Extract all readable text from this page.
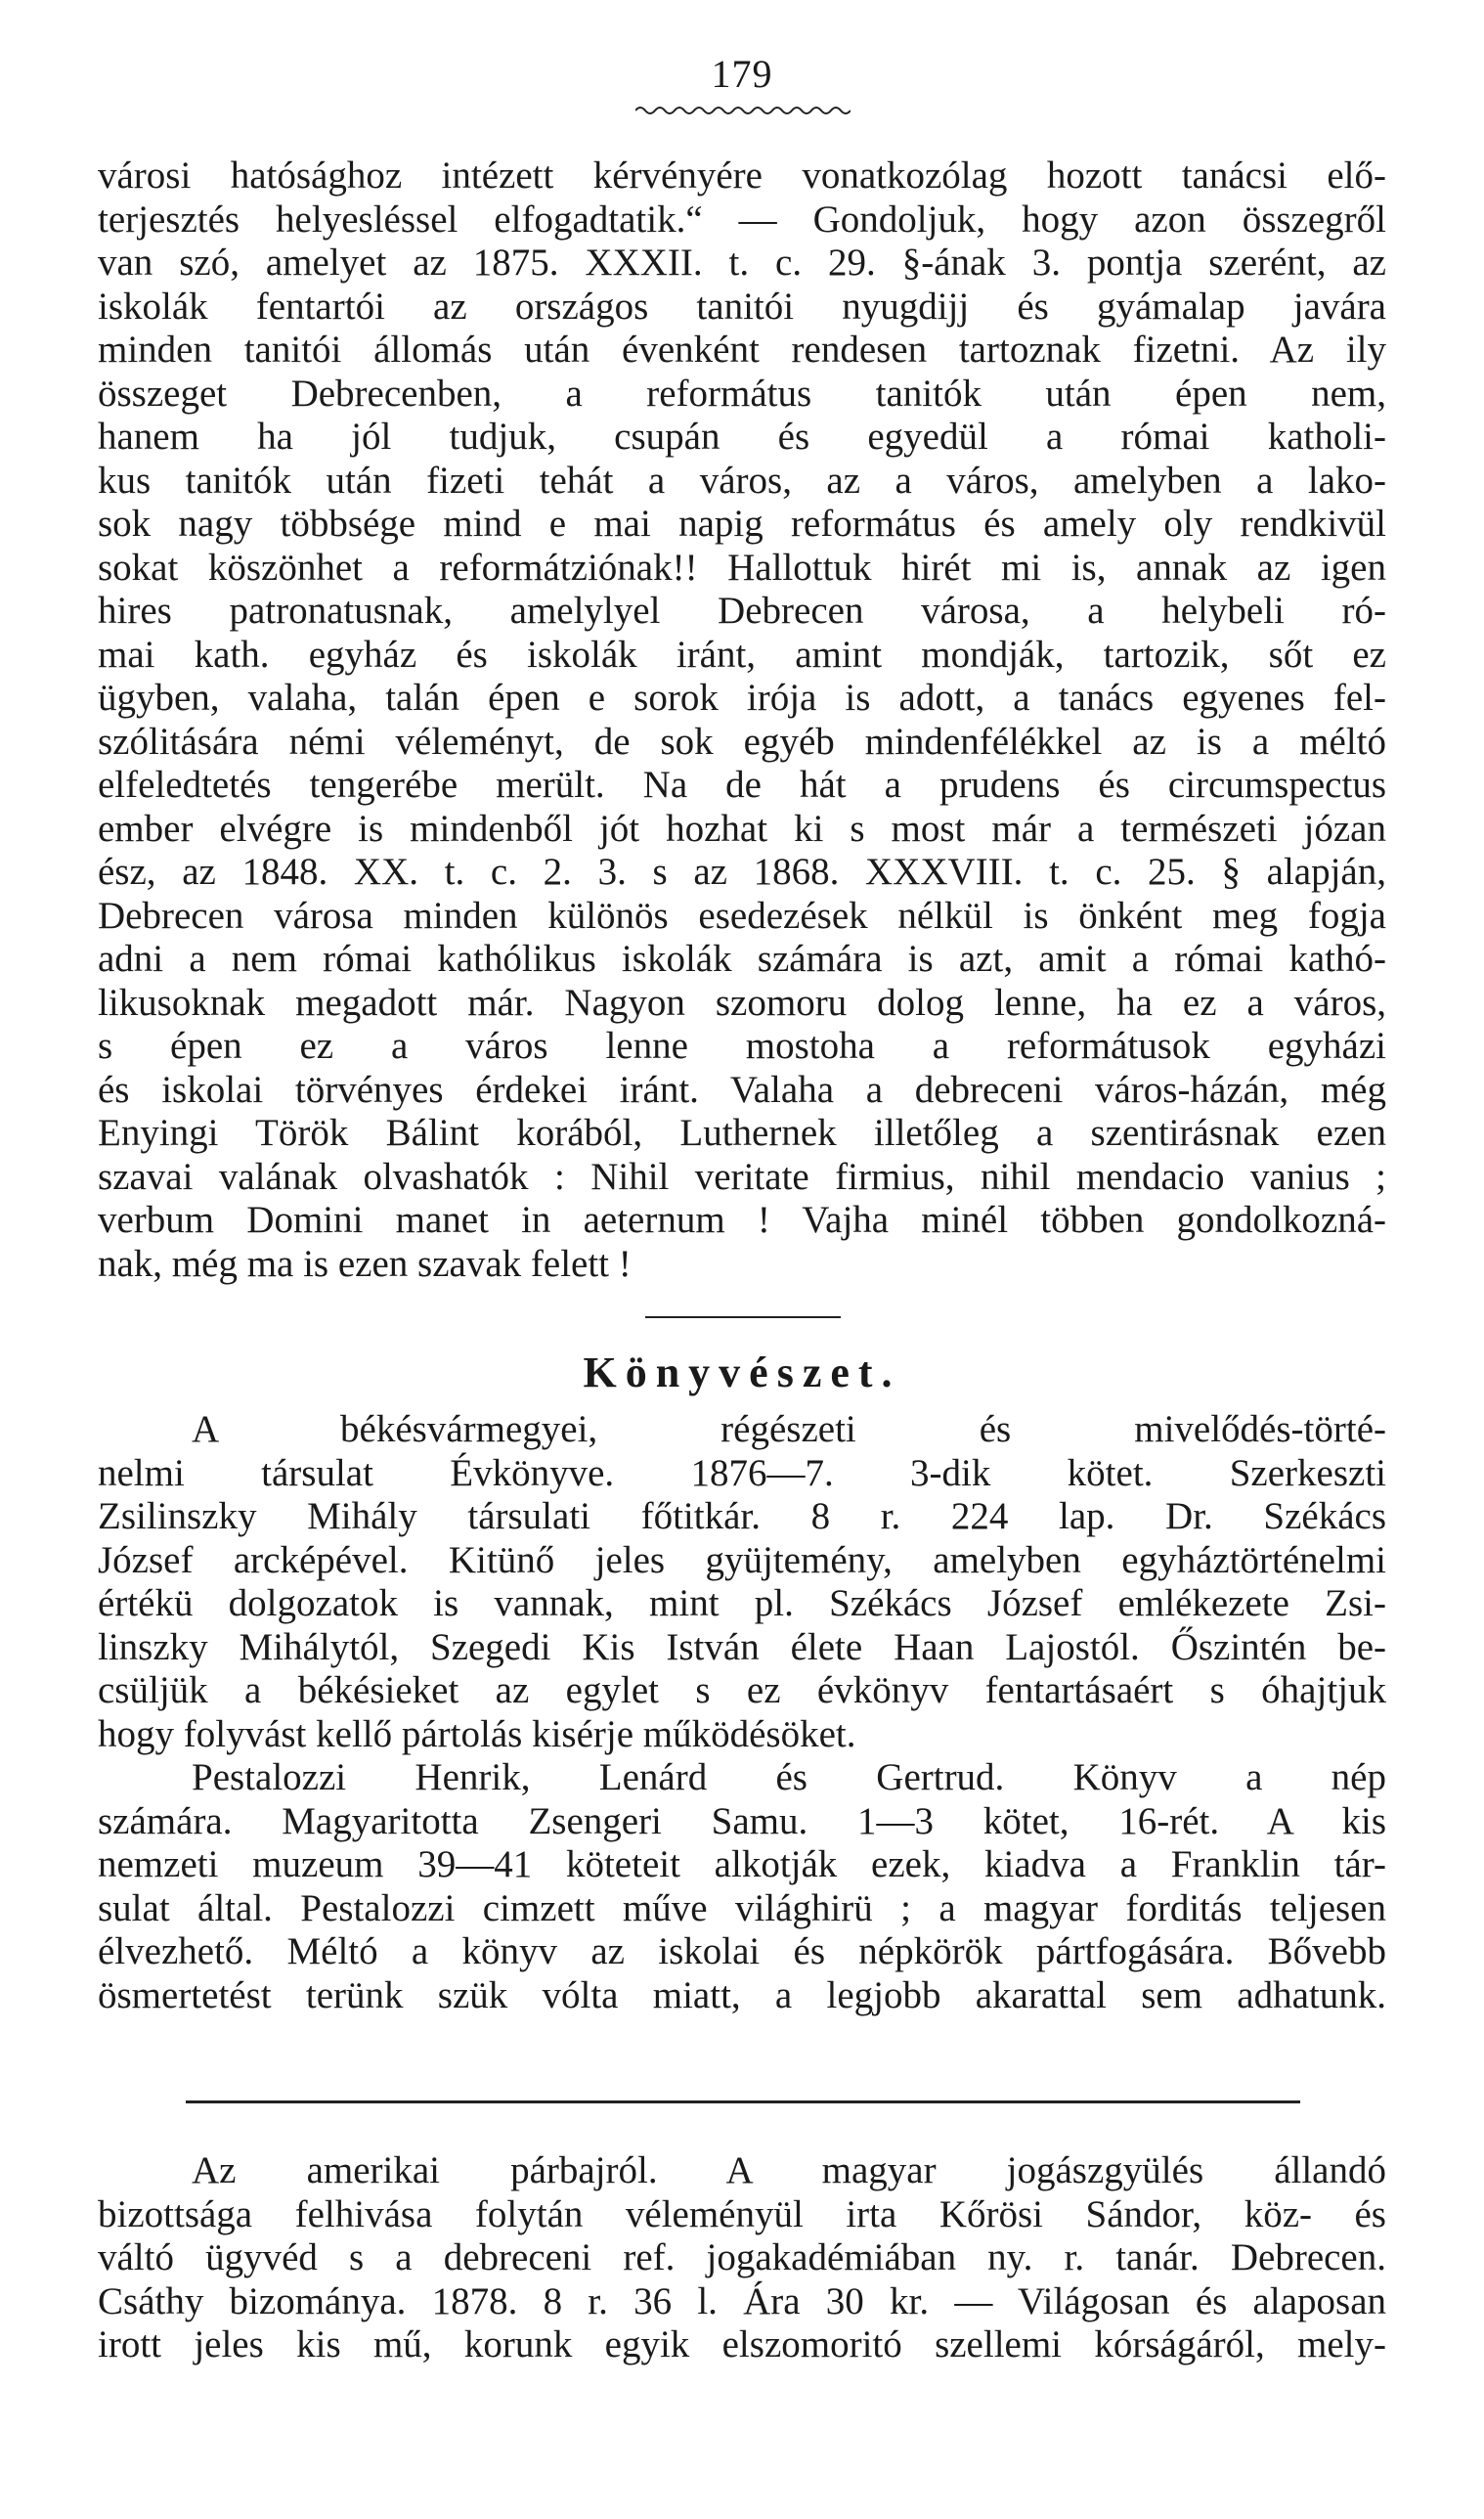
179
városi hatósághoz intézett kérvényére vonatkozólag hozott tanácsi elő-
terjesztés helyesléssel elfogadtatik.“ — Gondoljuk, hogy azon összegről
van szó, amelyet az 1875. XXXII. t. c. 29. §-ának 3. pontja szerént, az
iskolák fentartói az országos tanitói nyugdijj és gyámalap javára
minden tanitói állomás után évenként rendesen tartoznak fizetni. Az ily
összeget Debrecenben, a református tanitók után épen nem,
hanem ha jól tudjuk, csupán és egyedül a római katholi-
kus tanitók után fizeti tehát a város, az a város, amelyben a lako-
sok nagy többsége mind e mai napig református és amely oly rendkivül
sokat köszönhet a reformátziónak!! Hallottuk hirét mi is, annak az igen
hires patronatusnak, amelylyel Debrecen városa, a helybeli ró-
mai kath. egyház és iskolák iránt, amint mondják, tartozik, sőt ez
ügyben, valaha, talán épen e sorok irója is adott, a tanács egyenes fel-
szólitására némi véleményt, de sok egyéb mindenfélékkel az is a méltó
elfeledtetés tengerébe merült. Na de hát a prudens és circumspectus
ember elvégre is mindenből jót hozhat ki s most már a természeti józan
ész, az 1848. XX. t. c. 2. 3. s az 1868. XXXVIII. t. c. 25. § alapján,
Debrecen városa minden különös esedezések nélkül is önként meg fogja
adni a nem római kathólikus iskolák számára is azt, amit a római kathó-
likusoknak megadott már. Nagyon szomoru dolog lenne, ha ez a város,
s épen ez a város lenne mostoha a reformátusok egyházi
és iskolai törvényes érdekei iránt. Valaha a debreceni város-házán, még
Enyingi Török Bálint korából, Luthernek illetőleg a szentirásnak ezen
szavai valának olvashatók : Nihil veritate firmius, nihil mendacio vanius ;
verbum Domini manet in aeternum ! Vajha minél többen gondolkozná-
nak, még ma is ezen szavak felett !
Könyvészet.
A békésvármegyei, régészeti és mivelődés-törté-
nelmi társulat Évkönyve. 1876—7. 3-dik kötet. Szerkeszti
Zsilinszky Mihály társulati főtitkár. 8 r. 224 lap. Dr. Székács
József arcképével. Kitünő jeles gyüjtemény, amelyben egyháztörténelmi
értékü dolgozatok is vannak, mint pl. Székács József emlékezete Zsi-
linszky Mihálytól, Szegedi Kis István élete Haan Lajostól. Őszintén be-
csüljük a békésieket az egylet s ez évkönyv fentartásaért s óhajtjuk
hogy folyvást kellő pártolás kisérje működésöket.
Pestalozzi Henrik, Lenárd és Gertrud. Könyv a nép
számára. Magyaritotta Zsengeri Samu. 1—3 kötet, 16-rét. A kis
nemzeti muzeum 39—41 köteteit alkotják ezek, kiadva a Franklin tár-
sulat által. Pestalozzi cimzett műve világhirü ; a magyar forditás teljesen
élvezhető. Méltó a könyv az iskolai és népkörök pártfogására. Bővebb
ösmertetést terünk szük vólta miatt, a legjobb akarattal sem adhatunk.
Az amerikai párbajról. A magyar jogászgyülés állandó
bizottsága felhivása folytán véleményül irta Kőrösi Sándor, köz- és
váltó ügyvéd s a debreceni ref. jogakadémiában ny. r. tanár. Debrecen.
Csáthy bizománya. 1878. 8 r. 36 l. Ára 30 kr. — Világosan és alaposan
irott jeles kis mű, korunk egyik elszomoritó szellemi kórságáról, mely-
